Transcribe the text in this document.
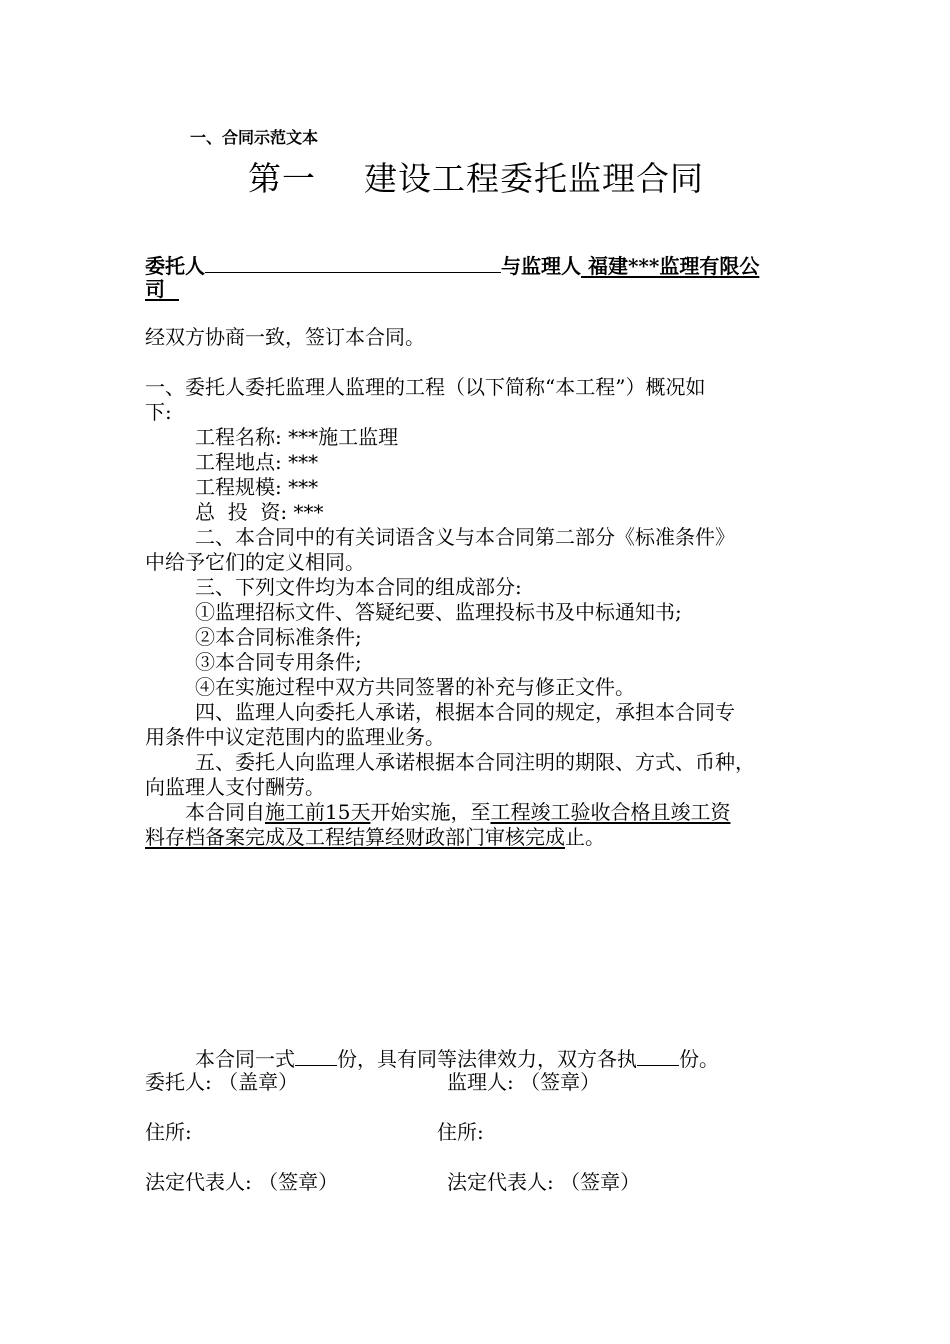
一、合同示范文本
第一 建设工程委托监理合同
委托人	与监理人 福建***监理有限公
司
经双方协商一致，签订本合同。
一、委托人委托监理人监理的工程（以下简称“本工程”）概况如
下:
工程名称: ***施工监理
工程地点: ***
工程规模: ***
总  投  资: ***
二、本合同中的有关词语含义与本合同第二部分《标准条件》
中给予它们的定义相同。
三、下列文件均为本合同的组成部分:
①监理招标文件、答疑纪要、监理投标书及中标通知书;
②本合同标准条件;
③本合同专用条件;
④在实施过程中双方共同签署的补充与修正文件。
四、监理人向委托人承诺，根据本合同的规定，承担本合同专
用条件中议定范围内的监理业务。
五、委托人向监理人承诺根据本合同注明的期限、方式、币种，
向监理人支付酬劳。
本合同自施工前15天开始实施，至工程竣工验收合格且竣工资
料存档备案完成及工程结算经财政部门审核完成止。
本合同一式 份，具有同等法律效力，双方各执 份。
委托人: （盖章）	监理人: （签章）
住所:	住所:
法定代表人: （签章）	法定代表人: （签章）
